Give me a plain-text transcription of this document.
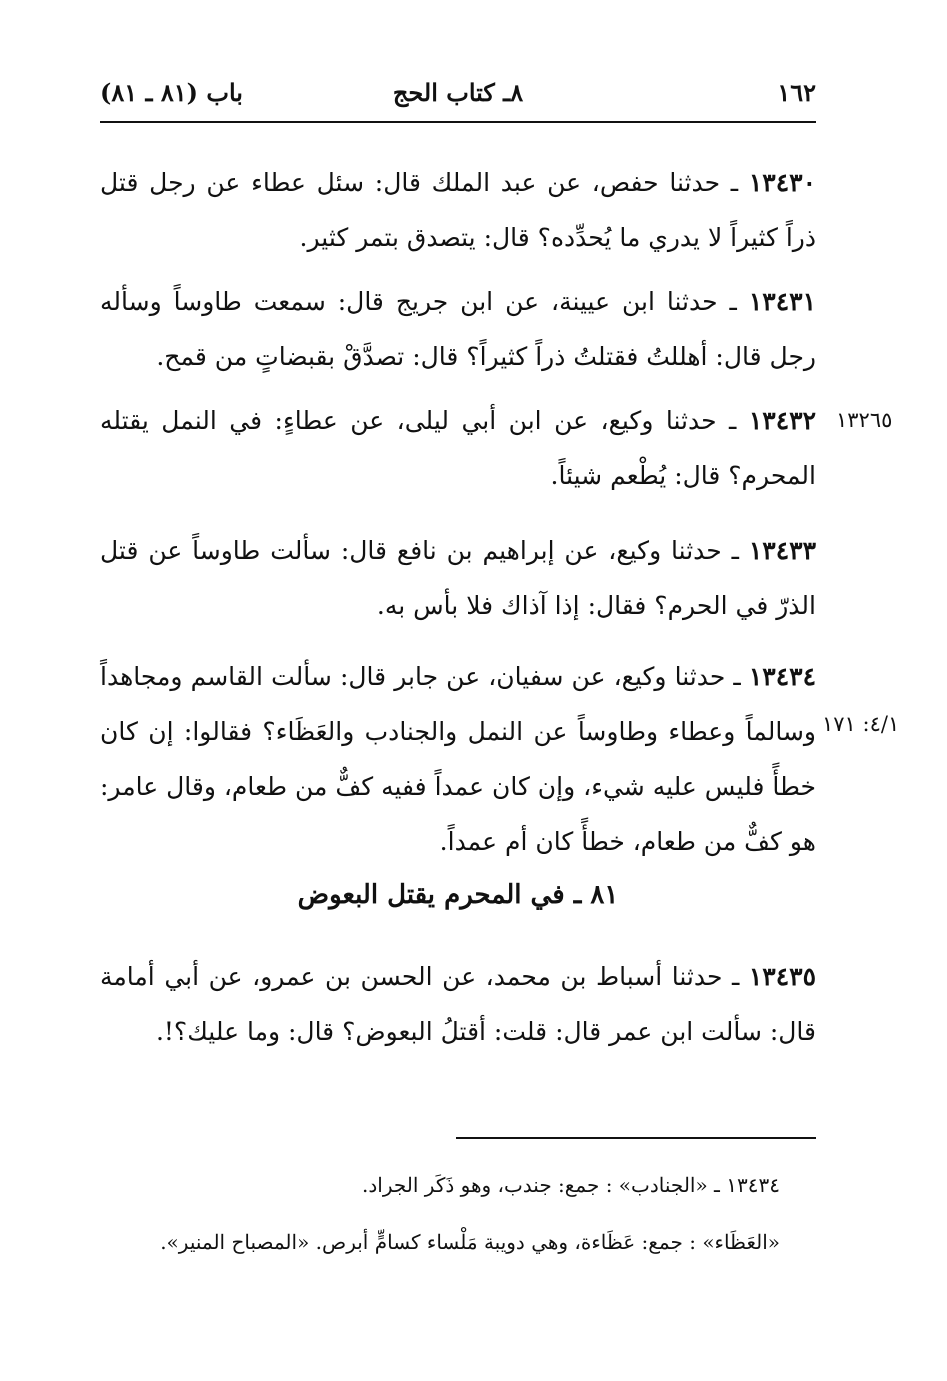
١٦٢
٨ـ كتاب الحج
باب (٨١ ـ ٨١)

١٣٤٣٠ ـ حدثنا حفص، عن عبد الملك قال: سئل عطاء عن رجل قتل ذراً كثيراً لا يدري ما يُحدِّده؟ قال: يتصدق بتمر كثير.

١٣٤٣١ ـ حدثنا ابن عيينة، عن ابن جريج قال: سمعت طاوساً وسأله رجل قال: أهللتُ فقتلتُ ذراً كثيراً؟ قال: تصدَّقْ بقبضاتٍ من قمح.

١٣٤٣٢ ـ حدثنا وكيع، عن ابن أبي ليلى، عن عطاءٍ: في النمل يقتله المحرم؟ قال: يُطْعم شيئاً.

١٣٤٣٣ ـ حدثنا وكيع، عن إبراهيم بن نافع قال: سألت طاوساً عن قتل الذرّ في الحرم؟ فقال: إذا آذاك فلا بأس به.

١٣٤٣٤ ـ حدثنا وكيع، عن سفيان، عن جابر قال: سألت القاسم ومجاهداً وسالماً وعطاء وطاوساً عن النمل والجنادب والعَظَاء؟ فقالوا: إن كان خطأً فليس عليه شيء، وإن كان عمداً ففيه كفٌّ من طعام، وقال عامر: هو كفٌّ من طعام، خطأً كان أم عمداً.

٨١ ـ في المحرم يقتل البعوض

١٣٤٣٥ ـ حدثنا أسباط بن محمد، عن الحسن بن عمرو، عن أبي أمامة قال: سألت ابن عمر قال: قلت: أقتلُ البعوض؟ قال: وما عليك؟!.

١٣٢٦٥
٤/١: ١٧١

١٣٤٣٤ ـ «الجنادب» : جمع: جندب، وهو ذَكَر الجراد.

«العَظَاء» : جمع: عَظَاءة، وهي دويبة مَلْساء كسامٍّ أبرص. «المصباح المنير».
